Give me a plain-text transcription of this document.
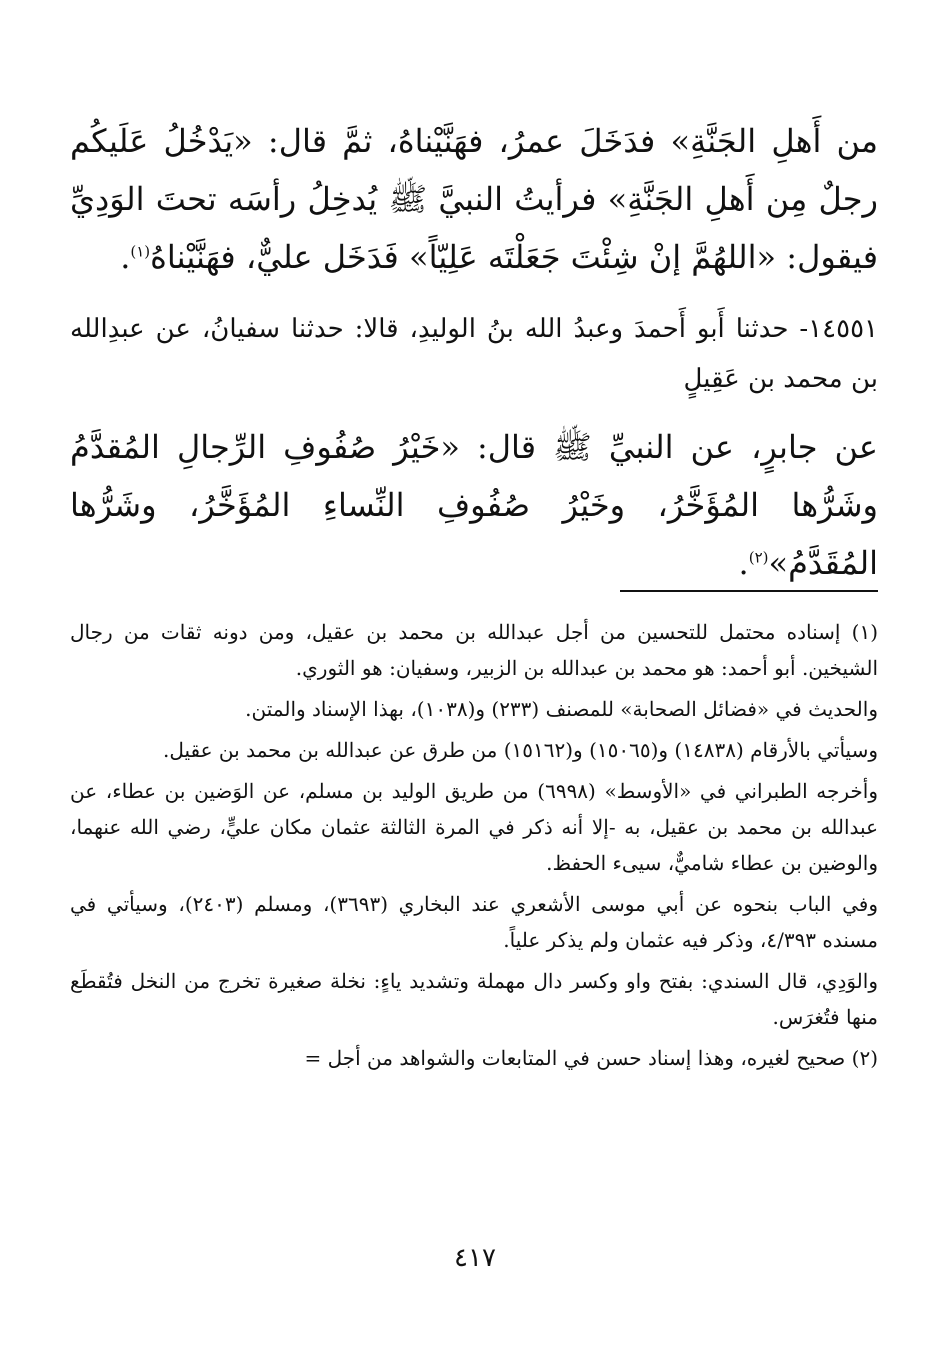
من أَهلِ الجَنَّةِ» فدَخَلَ عمرُ، فهَنَّيْناهُ، ثمَّ قال: «يَدْخُلُ عَلَيكُم رجلٌ مِن أَهلِ الجَنَّةِ» فرأيتُ النبيَّ ﷺ يُدخِلُ رأسَه تحتَ الوَدِيِّ فيقول: «اللهُمَّ إنْ شِئْتَ جَعَلْتَه عَلِيّاً» فَدَخَل عليٌّ، فهَنَّيْناهُ$^{(١)}$.

١٤٥٥١- حدثنا أَبو أَحمدَ وعبدُ الله بنُ الوليدِ، قالا: حدثنا سفيانُ، عن عبدِالله بن محمد بن عَقِيلٍ

عن جابرٍ، عن النبيِّ ﷺ قال: «خَيْرُ صُفُوفِ الرِّجالِ المُقدَّمُ وشَرُّها المُؤَخَّرُ، وخَيْرُ صُفُوفِ النِّساءِ المُؤَخَّرُ، وشَرُّها المُقَدَّمُ»$^{(٢)}$.

(١) إسناده محتمل للتحسين من أجل عبدالله بن محمد بن عقيل، ومن دونه ثقات من رجال الشيخين. أبو أحمد: هو محمد بن عبدالله بن الزبير، وسفيان: هو الثوري.

والحديث في «فضائل الصحابة» للمصنف (٢٣٣) و(١٠٣٨)، بهذا الإسناد والمتن.

وسيأتي بالأرقام (١٤٨٣٨) و(١٥٠٦٥) و(١٥١٦٢) من طرق عن عبدالله بن محمد بن عقيل.

وأخرجه الطبراني في «الأوسط» (٦٩٩٨) من طريق الوليد بن مسلم، عن الوَضين بن عطاء، عن عبدالله بن محمد بن عقيل، به -إلا أنه ذكر في المرة الثالثة عثمان مكان عليٍّ، رضي الله عنهما، والوضين بن عطاء شاميٌّ، سيىء الحفظ.

وفي الباب بنحوه عن أبي موسى الأشعري عند البخاري (٣٦٩٣)، ومسلم (٢٤٠٣)، وسيأتي في مسنده ٤/٣٩٣، وذكر فيه عثمان ولم يذكر علياً.

والوَدِي، قال السندي: بفتح واو وكسر دال مهملة وتشديد ياءٍ: نخلة صغيرة تخرج من النخل فتُقطَع منها فتُغرَس.

(٢) صحيح لغيره، وهذا إسناد حسن في المتابعات والشواهد من أجل =

٤١٧
